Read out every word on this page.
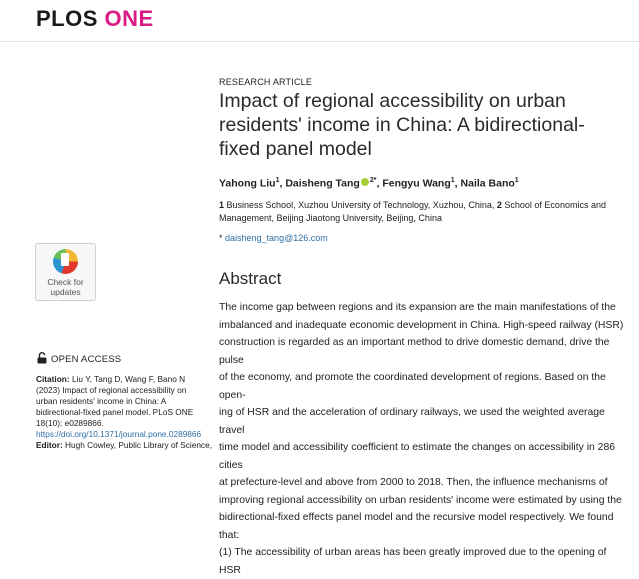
PLOS ONE
RESEARCH ARTICLE
Impact of regional accessibility on urban residents' income in China: A bidirectional-fixed panel model
Yahong Liu$^1$, Daisheng Tang $^{2*}$, Fengyu Wang$^1$, Naila Bano$^1$
1 Business School, Xuzhou University of Technology, Xuzhou, China, 2 School of Economics and Management, Beijing Jiaotong University, Beijing, China
* daisheng_tang@126.com
Check for
updates
Abstract
The income gap between regions and its expansion are the main manifestations of the
imbalanced and inadequate economic development in China. High-speed railway (HSR)
construction is regarded as an important method to drive domestic demand, drive the pulse
of the economy, and promote the coordinated development of regions. Based on the open-
ing of HSR and the acceleration of ordinary railways, we used the weighted average travel
time model and accessibility coefficient to estimate the changes on accessibility in 286 cities
at prefecture-level and above from 2000 to 2018. Then, the influence mechanisms of
improving regional accessibility on urban residents' income were estimated by using the
bidirectional-fixed effects panel model and the recursive model respectively. We found that:
(1) The accessibility of urban areas has been greatly improved due to the opening of HSR
OPEN ACCESS

Citation: Liu Y, Tang D, Wang F, Bano N (2023) Impact of regional accessibility on urban residents' income in China: A bidirectional-fixed panel model. PLoS ONE 18(10): e0289866. https://doi.org/10.1371/journal.pone.0289866

Editor: Hugh Cowley, Public Library of Science,
